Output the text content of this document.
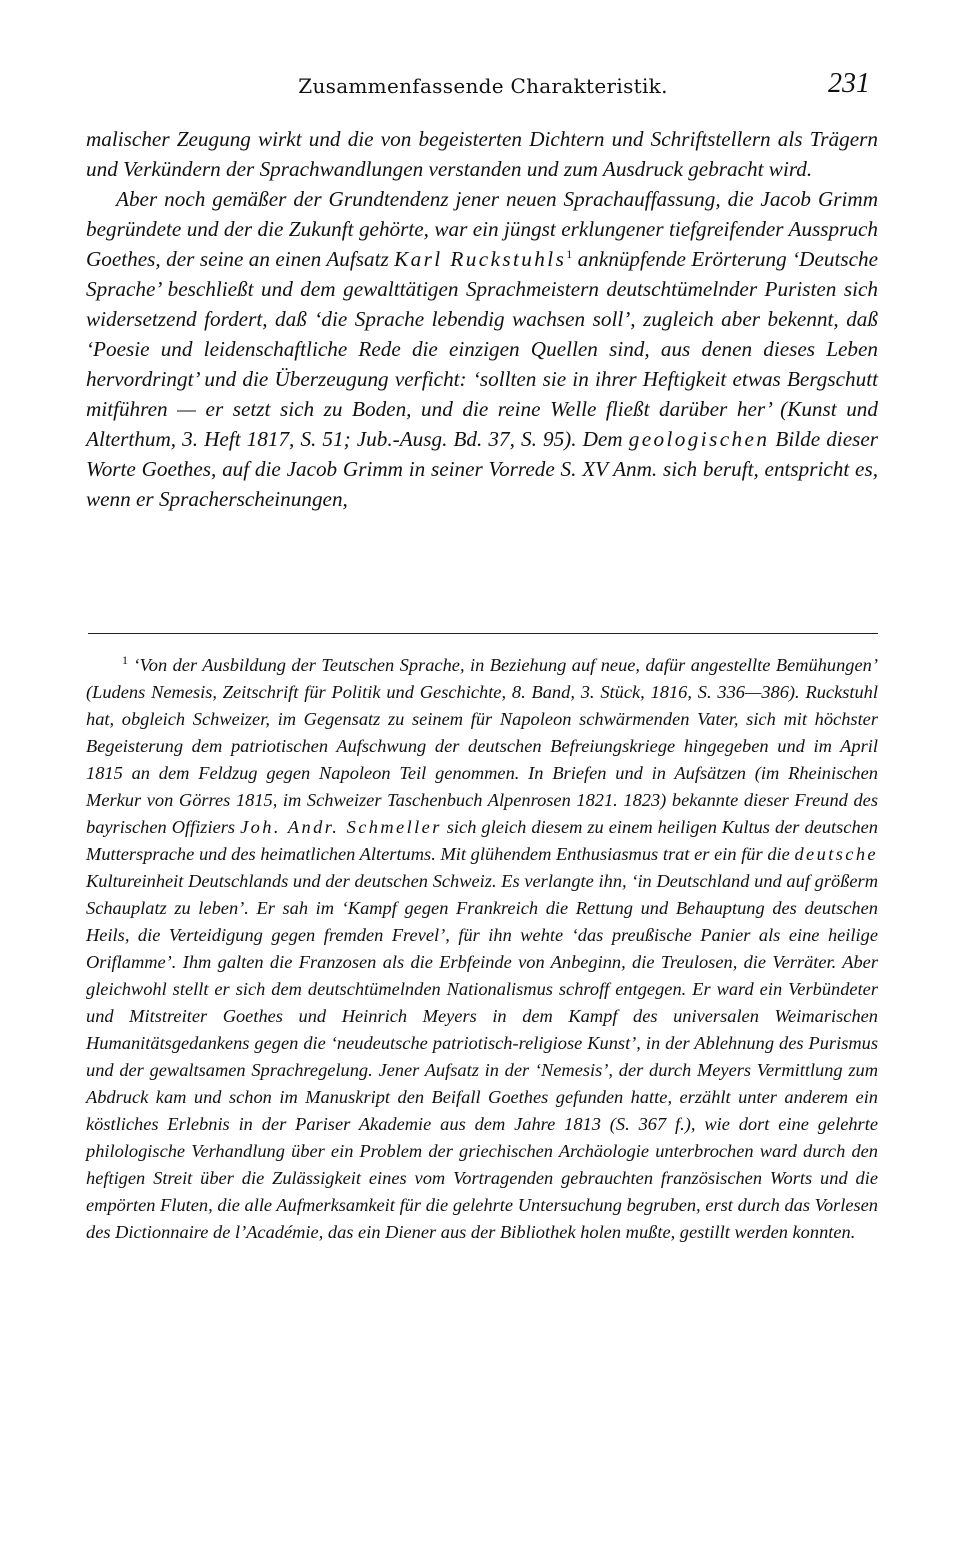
Zusammenfassende Charakteristik.	231

malischer Zeugung wirkt und die von begeisterten Dichtern und Schriftstellern als Trägern und Verkündern der Sprachwandlungen verstanden und zum Ausdruck gebracht wird.

Aber noch gemäßer der Grundtendenz jener neuen Sprachauffassung, die Jacob Grimm begründete und der die Zukunft gehörte, war ein jüngst erklungener tiefgreifender Ausspruch Goethes, der seine an einen Aufsatz Karl Ruckstuhls$^1$ anknüpfende Erörterung ‘Deutsche Sprache’ beschließt und dem gewalttätigen Sprachmeistern deutschtümelnder Puristen sich widersetzend fordert, daß ‘die Sprache lebendig wachsen soll’, zugleich aber bekennt, daß ‘Poesie und leidenschaftliche Rede die einzigen Quellen sind, aus denen dieses Leben hervordringt’ und die Überzeugung verficht: ‘sollten sie in ihrer Heftigkeit etwas Bergschutt mitführen — er setzt sich zu Boden, und die reine Welle fließt darüber her’ (Kunst und Alterthum, 3. Heft 1817, S. 51; Jub.-Ausg. Bd. 37, S. 95). Dem geologischen Bilde dieser Worte Goethes, auf die Jacob Grimm in seiner Vorrede S. XV Anm. sich beruft, entspricht es, wenn er Spracherscheinungen,

$^1$ ‘Von der Ausbildung der Teutschen Sprache, in Beziehung auf neue, dafür angestellte Bemühungen’ (Ludens Nemesis, Zeitschrift für Politik und Geschichte, 8. Band, 3. Stück, 1816, S. 336—386). Ruckstuhl hat, obgleich Schweizer, im Gegensatz zu seinem für Napoleon schwärmenden Vater, sich mit höchster Begeisterung dem patriotischen Aufschwung der deutschen Befreiungskriege hingegeben und im April 1815 an dem Feldzug gegen Napoleon Teil genommen. In Briefen und in Aufsätzen (im Rheinischen Merkur von Görres 1815, im Schweizer Taschenbuch Alpenrosen 1821. 1823) bekannte dieser Freund des bayrischen Offiziers Joh. Andr. Schmeller sich gleich diesem zu einem heiligen Kultus der deutschen Muttersprache und des heimatlichen Altertums. Mit glühendem Enthusiasmus trat er ein für die deutsche Kultureinheit Deutschlands und der deutschen Schweiz. Es verlangte ihn, ‘in Deutschland und auf größerm Schauplatz zu leben’. Er sah im ‘Kampf gegen Frankreich die Rettung und Behauptung des deutschen Heils, die Verteidigung gegen fremden Frevel’, für ihn wehte ‘das preußische Panier als eine heilige Oriflamme’. Ihm galten die Franzosen als die Erbfeinde von Anbeginn, die Treulosen, die Verräter. Aber gleichwohl stellt er sich dem deutschtümelnden Nationalismus schroff entgegen. Er ward ein Verbündeter und Mitstreiter Goethes und Heinrich Meyers in dem Kampf des universalen Weimarischen Humanitätsgedankens gegen die ‘neudeutsche patriotisch-religiose Kunst’, in der Ablehnung des Purismus und der gewaltsamen Sprachregelung. Jener Aufsatz in der ‘Nemesis’, der durch Meyers Vermittlung zum Abdruck kam und schon im Manuskript den Beifall Goethes gefunden hatte, erzählt unter anderem ein köstliches Erlebnis in der Pariser Akademie aus dem Jahre 1813 (S. 367 f.), wie dort eine gelehrte philologische Verhandlung über ein Problem der griechischen Archäologie unterbrochen ward durch den heftigen Streit über die Zulässigkeit eines vom Vortragenden gebrauchten französischen Worts und die empörten Fluten, die alle Aufmerksamkeit für die gelehrte Untersuchung begruben, erst durch das Vorlesen des Dictionnaire de l’Académie, das ein Diener aus der Bibliothek holen mußte, gestillt werden konnten.
